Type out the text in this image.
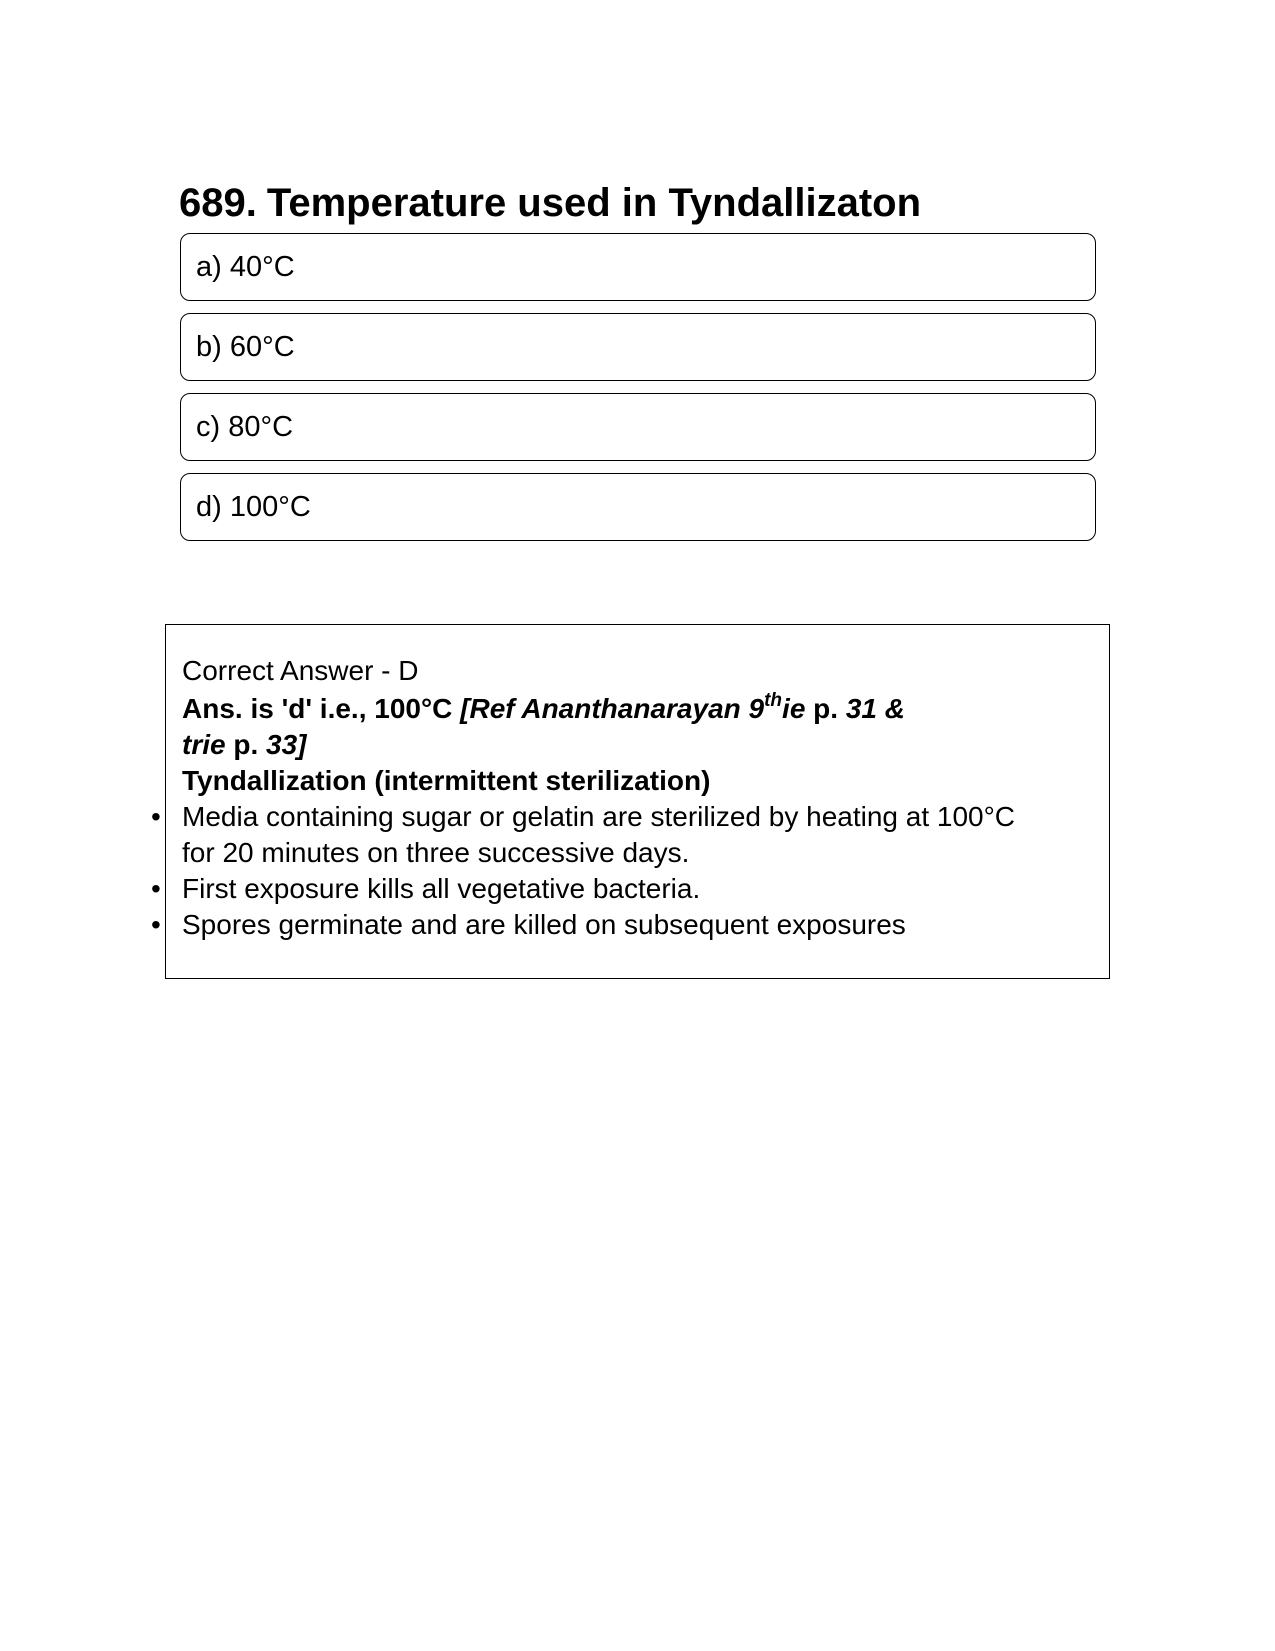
689. Temperature used in Tyndallizaton
a) 40°C
b) 60°C
c) 80°C
d) 100°C

Correct Answer - D

Ans. is 'd' i.e., 100°C [Ref Ananthanarayan 9thie p. 31 &

trie p. 33]

Tyndallization (intermittent sterilization)

• Media containing sugar or gelatin are sterilized by heating at 100°C
for 20 minutes on three successive days.
• First exposure kills all vegetative bacteria.
• Spores germinate and are killed on subsequent exposures
